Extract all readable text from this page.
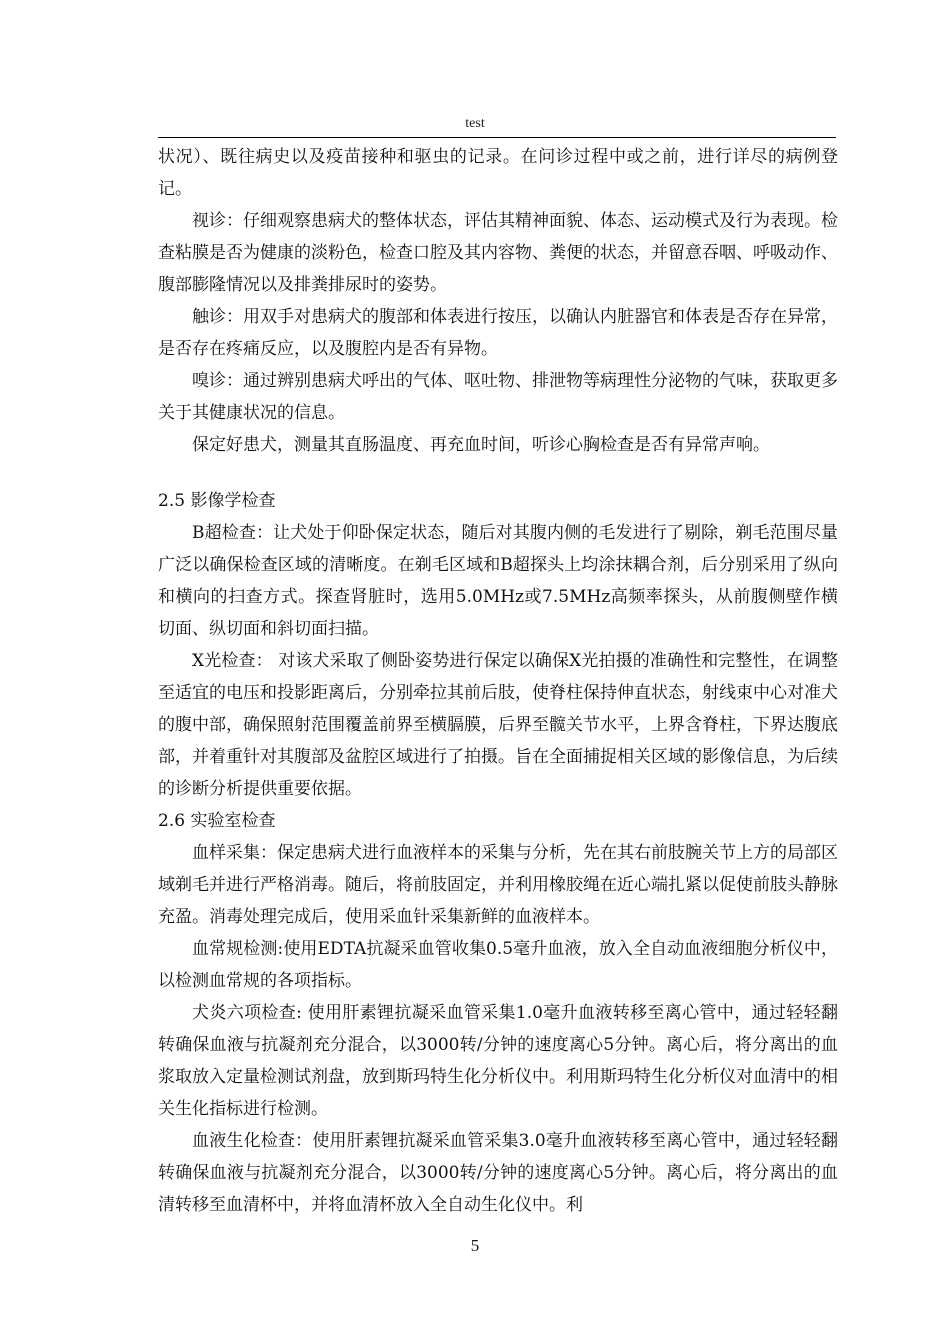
test

状况）、既往病史以及疫苗接种和驱虫的记录。在问诊过程中或之前，进行详尽的病例登记。

视诊：仔细观察患病犬的整体状态，评估其精神面貌、体态、运动模式及行为表现。检查粘膜是否为健康的淡粉色，检查口腔及其内容物、粪便的状态，并留意吞咽、呼吸动作、腹部膨隆情况以及排粪排尿时的姿势。

触诊：用双手对患病犬的腹部和体表进行按压，以确认内脏器官和体表是否存在异常，是否存在疼痛反应，以及腹腔内是否有异物。

嗅诊：通过辨别患病犬呼出的气体、呕吐物、排泄物等病理性分泌物的气味，获取更多关于其健康状况的信息。

保定好患犬，测量其直肠温度、再充血时间，听诊心胸检查是否有异常声响。

2.5 影像学检查

B超检查：让犬处于仰卧保定状态，随后对其腹内侧的毛发进行了剔除，剃毛范围尽量广泛以确保检查区域的清晰度。在剃毛区域和B超探头上均涂抹耦合剂，后分别采用了纵向和横向的扫查方式。探查肾脏时，选用5.0MHz或7.5MHz高频率探头，从前腹侧壁作横切面、纵切面和斜切面扫描。

X光检查： 对该犬采取了侧卧姿势进行保定以确保X光拍摄的准确性和完整性，在调整至适宜的电压和投影距离后，分别牵拉其前后肢，使脊柱保持伸直状态，射线束中心对准犬的腹中部，确保照射范围覆盖前界至横膈膜，后界至髋关节水平，上界含脊柱，下界达腹底部，并着重针对其腹部及盆腔区域进行了拍摄。旨在全面捕捉相关区域的影像信息，为后续的诊断分析提供重要依据。

2.6 实验室检查

血样采集：保定患病犬进行血液样本的采集与分析，先在其右前肢腕关节上方的局部区域剃毛并进行严格消毒。随后，将前肢固定，并利用橡胶绳在近心端扎紧以促使前肢头静脉充盈。消毒处理完成后，使用采血针采集新鲜的血液样本。

血常规检测:使用EDTA抗凝采血管收集0.5毫升血液，放入全自动血液细胞分析仪中，以检测血常规的各项指标。

犬炎六项检查: 使用肝素锂抗凝采血管采集1.0毫升血液转移至离心管中，通过轻轻翻转确保血液与抗凝剂充分混合，以3000转/分钟的速度离心5分钟。离心后，将分离出的血浆取放入定量检测试剂盘，放到斯玛特生化分析仪中。利用斯玛特生化分析仪对血清中的相关生化指标进行检测。

血液生化检查：使用肝素锂抗凝采血管采集3.0毫升血液转移至离心管中，通过轻轻翻转确保血液与抗凝剂充分混合，以3000转/分钟的速度离心5分钟。离心后，将分离出的血清转移至血清杯中，并将血清杯放入全自动生化仪中。利

5
